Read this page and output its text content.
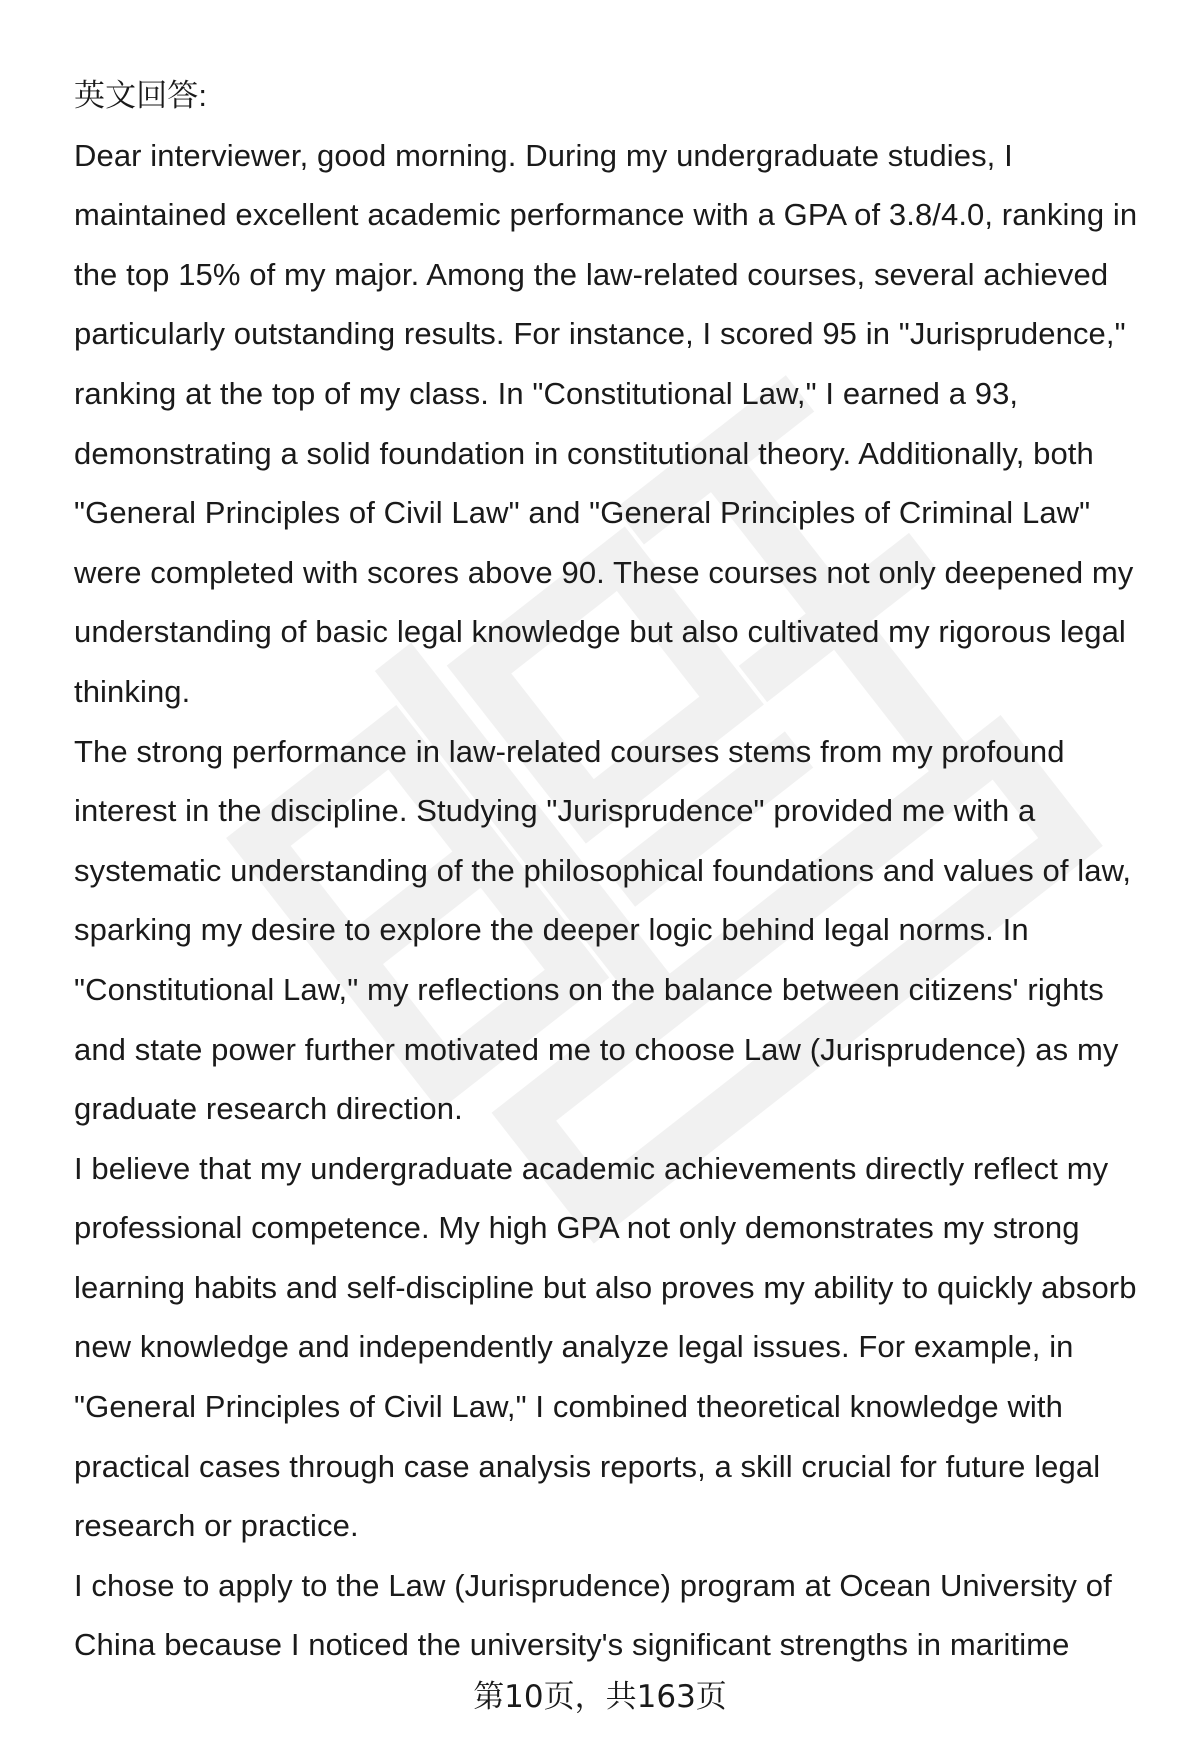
英文回答:

Dear interviewer, good morning. During my undergraduate studies, I maintained excellent academic performance with a GPA of 3.8/4.0, ranking in the top 15% of my major. Among the law-related courses, several achieved particularly outstanding results. For instance, I scored 95 in "Jurisprudence," ranking at the top of my class. In "Constitutional Law," I earned a 93, demonstrating a solid foundation in constitutional theory. Additionally, both "General Principles of Civil Law" and "General Principles of Criminal Law" were completed with scores above 90. These courses not only deepened my understanding of basic legal knowledge but also cultivated my rigorous legal thinking.

The strong performance in law-related courses stems from my profound interest in the discipline. Studying "Jurisprudence" provided me with a systematic understanding of the philosophical foundations and values of law, sparking my desire to explore the deeper logic behind legal norms. In "Constitutional Law," my reflections on the balance between citizens' rights and state power further motivated me to choose Law (Jurisprudence) as my graduate research direction.

I believe that my undergraduate academic achievements directly reflect my professional competence. My high GPA not only demonstrates my strong learning habits and self-discipline but also proves my ability to quickly absorb new knowledge and independently analyze legal issues. For example, in "General Principles of Civil Law," I combined theoretical knowledge with practical cases through case analysis reports, a skill crucial for future legal research or practice.

I chose to apply to the Law (Jurisprudence) program at Ocean University of China because I noticed the university's significant strengths in maritime

第10页，共163页
